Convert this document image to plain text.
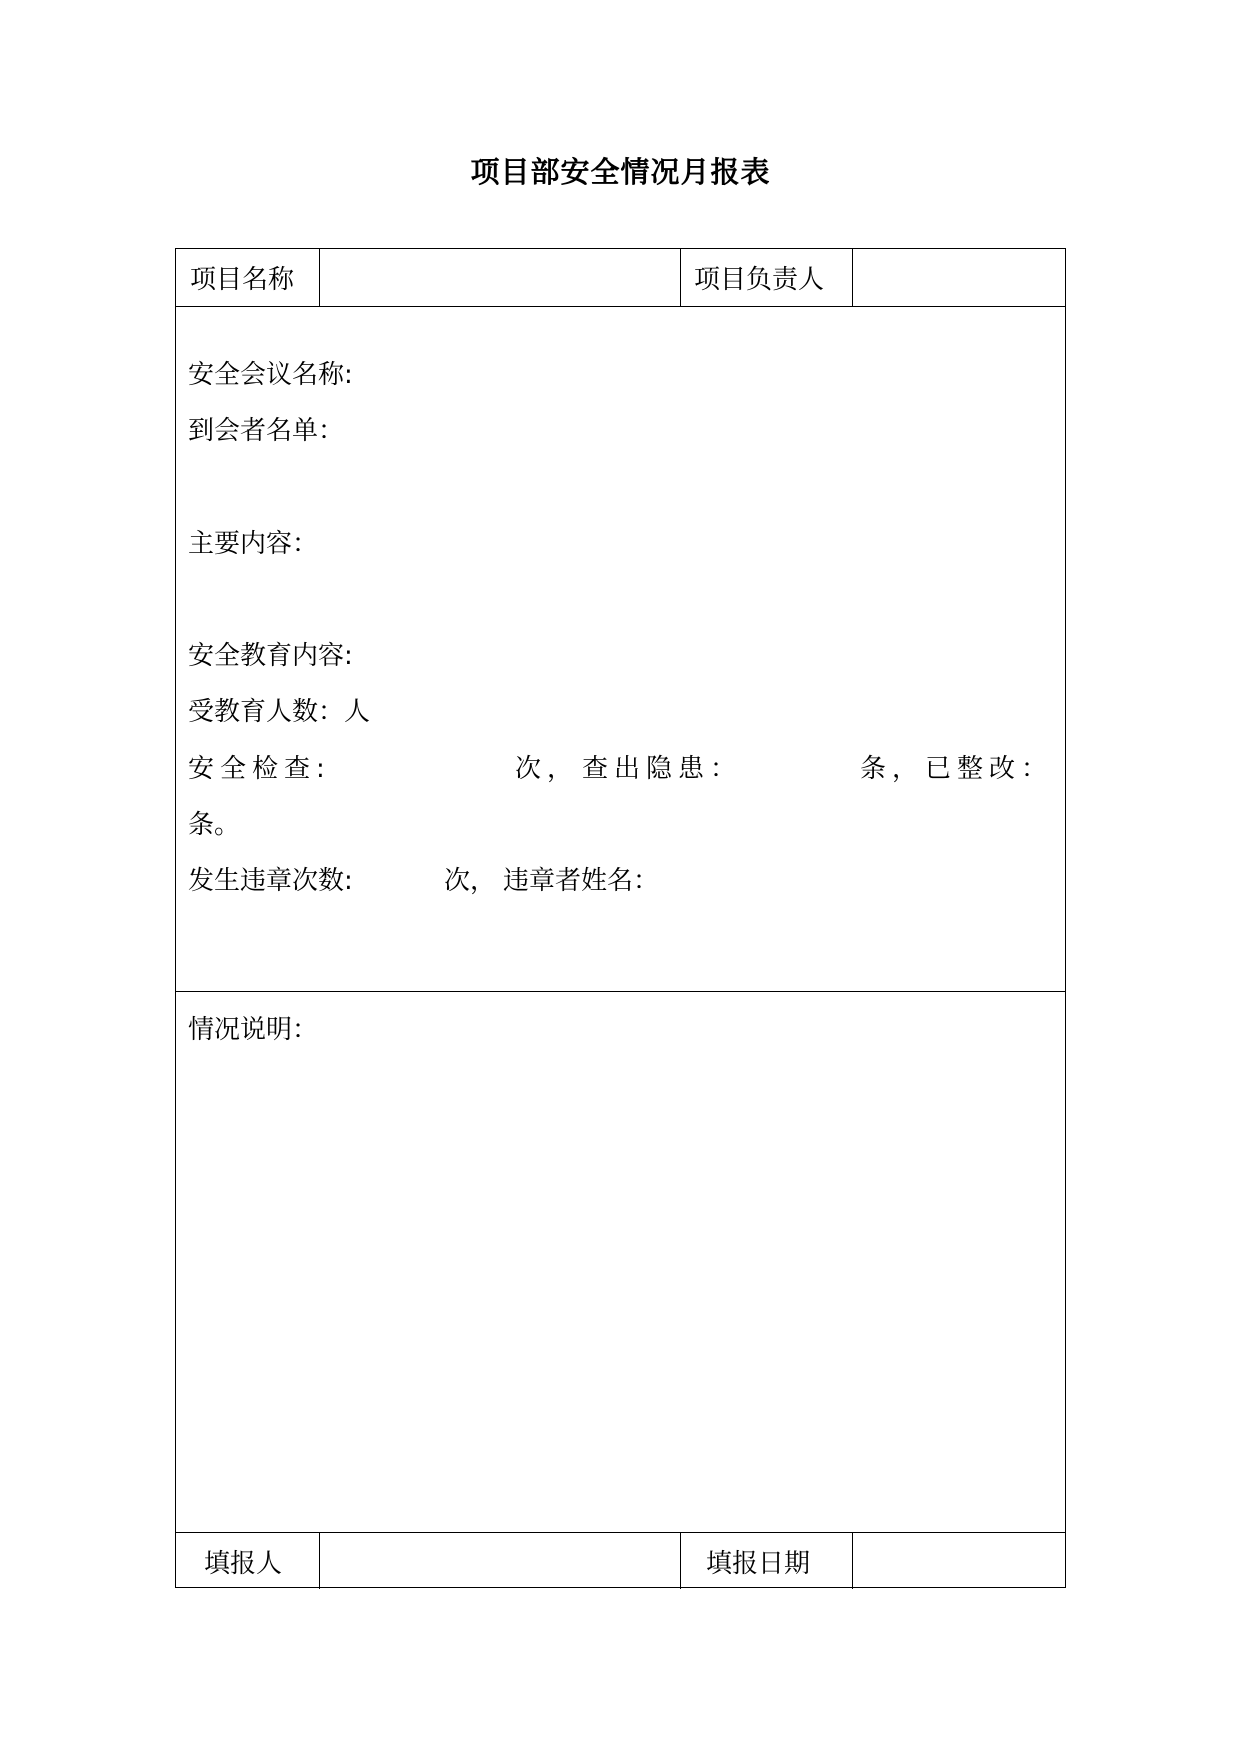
项目部安全情况月报表
项目名称	项目负责人
安全会议名称:
到会者名单：
主要内容：
安全教育内容:
受教育人数：人
安全检查:	次， 查出隐患：	条， 已整改：
条。
发生违章次数:	次， 违章者姓名：
情况说明：
填报人	填报日期
